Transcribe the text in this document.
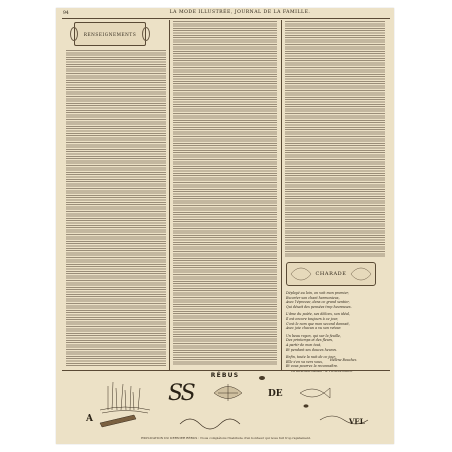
94	LA MODE ILLUSTRÉE, JOURNAL DE LA FAMILLE.
RENSEIGNEMENTS
CHARADE

Déployé au loin, on voit mon premier,

Escorter son chant harmonieux,

Avec l'épreuve, dans ce grand sentier,

Qui désait des pensées trop heureuses.

L'âme du poète, ses délices, son idéal,

Il est encore toujours à ce jour,

C'est le nom que mon second donnait,

Avec joie chacun a vu son retour.

Un beau rayon, qui sur la feuille,

Des printemps et des fleurs,

A partir de mon tout,

Et pendant ses douces heures.

Enfin, toute la nuit de ce jour,

Elle s'en va vers vous,

Et vous pourrez la reconnaître.

Hélène Bouchez.
Le Directeur-Gérant : A. FIRMIN-DIDOT
RÉBUS
SS	DE
A	VEL
EXPLICATION DU DERNIER RÉBUS : Nous complétons l'habitude d'un bonheur qui nous fuit trop rapidement.
